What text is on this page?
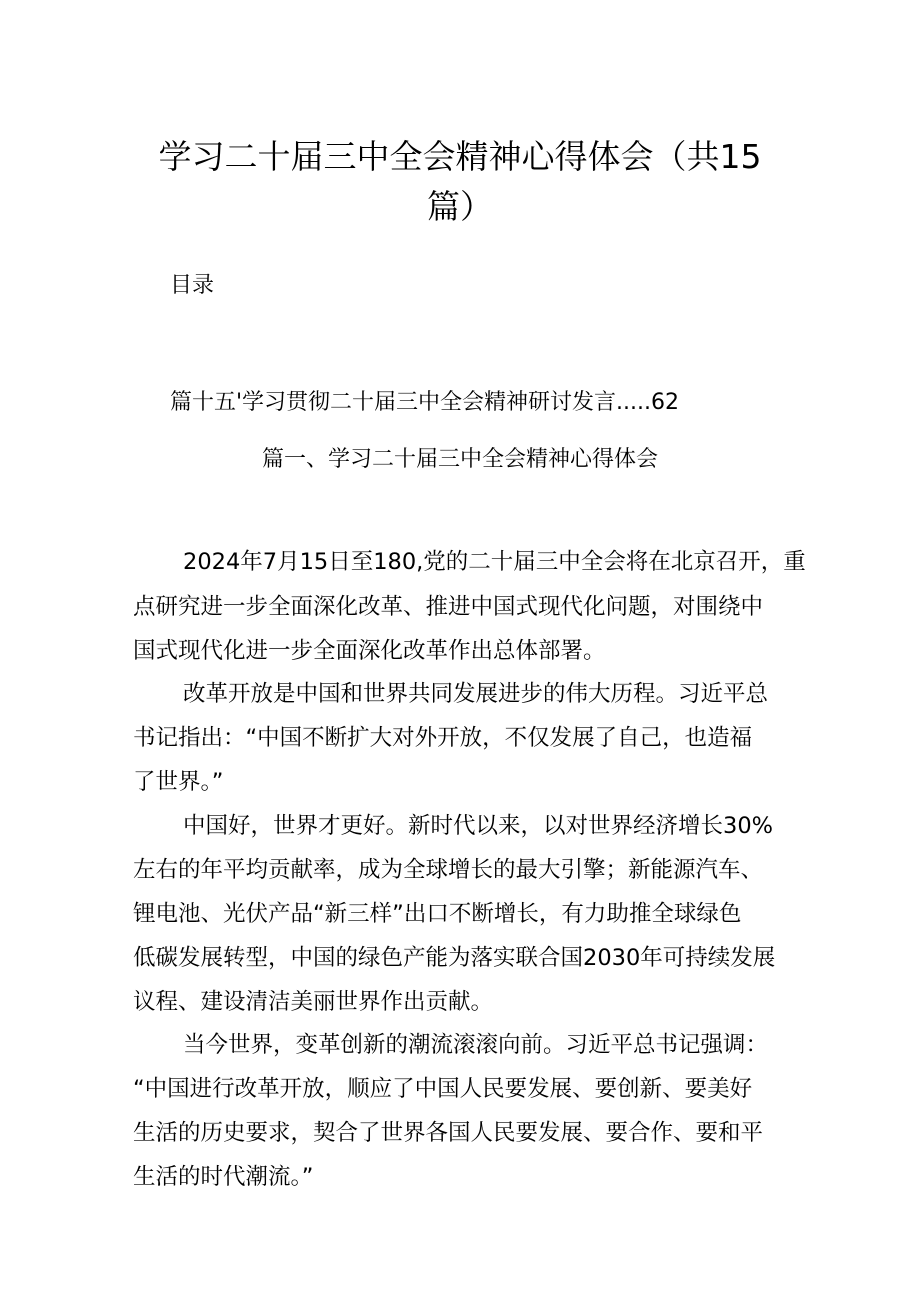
学习二十届三中全会精神心得体会（共15
篇）
目录
篇十五'学习贯彻二十届三中全会精神研讨发言.....62
篇一、学习二十届三中全会精神心得体会
2024年7月15日至180,党的二十届三中全会将在北京召开，重
点研究进一步全面深化改革、推进中国式现代化问题，对围绕中
国式现代化进一步全面深化改革作出总体部署。
改革开放是中国和世界共同发展进步的伟大历程。习近平总
书记指出：“中国不断扩大对外开放，不仅发展了自己，也造福
了世界。”
中国好，世界才更好。新时代以来，以对世界经济增长30%
左右的年平均贡献率，成为全球增长的最大引擎；新能源汽车、
锂电池、光伏产品“新三样”出口不断增长，有力助推全球绿色
低碳发展转型，中国的绿色产能为落实联合国2030年可持续发展
议程、建设清洁美丽世界作出贡献。
当今世界，变革创新的潮流滚滚向前。习近平总书记强调：
“中国进行改革开放，顺应了中国人民要发展、要创新、要美好
生活的历史要求，契合了世界各国人民要发展、要合作、要和平
生活的时代潮流。”
